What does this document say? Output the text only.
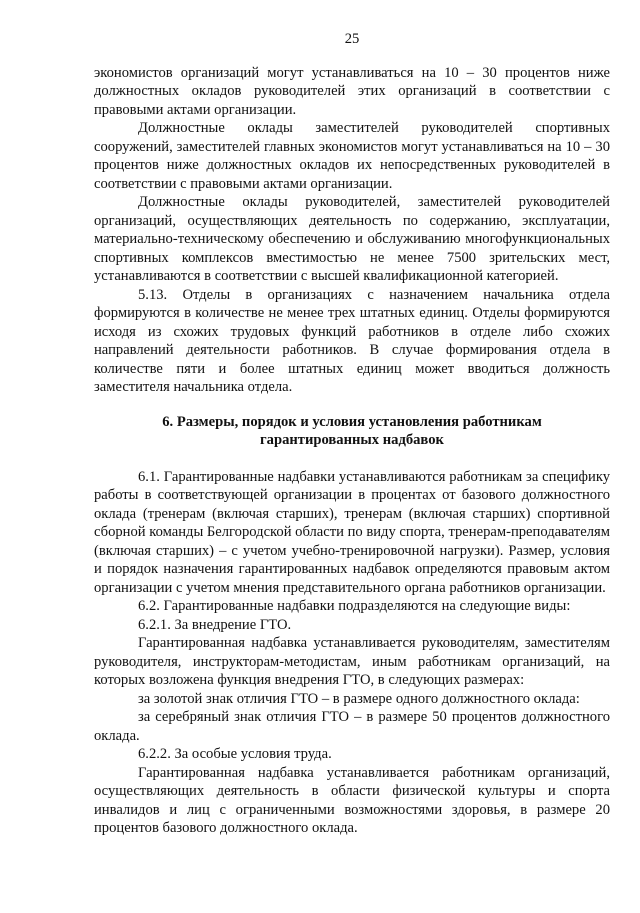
25

экономистов организаций могут устанавливаться на 10 – 30 процентов ниже должностных окладов руководителей этих организаций в соответствии с правовыми актами организации.

Должностные оклады заместителей руководителей спортивных сооружений, заместителей главных экономистов могут устанавливаться на 10 – 30 процентов ниже должностных окладов их непосредственных руководителей в соответствии с правовыми актами организации.

Должностные оклады руководителей, заместителей руководителей организаций, осуществляющих деятельность по содержанию, эксплуатации, материально-техническому обеспечению и обслуживанию многофункциональных спортивных комплексов вместимостью не менее 7500 зрительских мест, устанавливаются в соответствии с высшей квалификационной категорией.

5.13. Отделы в организациях с назначением начальника отдела формируются в количестве не менее трех штатных единиц. Отделы формируются исходя из схожих трудовых функций работников в отделе либо схожих направлений деятельности работников. В случае формирования отдела в количестве пяти и более штатных единиц может вводиться должность заместителя начальника отдела.

6. Размеры, порядок и условия установления работникам
гарантированных надбавок

6.1. Гарантированные надбавки устанавливаются работникам за специфику работы в соответствующей организации в процентах от базового должностного оклада (тренерам (включая старших), тренерам (включая старших) спортивной сборной команды Белгородской области по виду спорта, тренерам-преподавателям (включая старших) – с учетом учебно-тренировочной нагрузки). Размер, условия и порядок назначения гарантированных надбавок определяются правовым актом организации с учетом мнения представительного органа работников организации.

6.2. Гарантированные надбавки подразделяются на следующие виды:

6.2.1. За внедрение ГТО.

Гарантированная надбавка устанавливается руководителям, заместителям руководителя, инструкторам-методистам, иным работникам организаций, на которых возложена функция внедрения ГТО, в следующих размерах:

за золотой знак отличия ГТО – в размере одного должностного оклада:

за серебряный знак отличия ГТО – в размере 50 процентов должностного оклада.

6.2.2. За особые условия труда.

Гарантированная надбавка устанавливается работникам организаций, осуществляющих деятельность в области физической культуры и спорта инвалидов и лиц с ограниченными возможностями здоровья, в размере 20 процентов базового должностного оклада.
